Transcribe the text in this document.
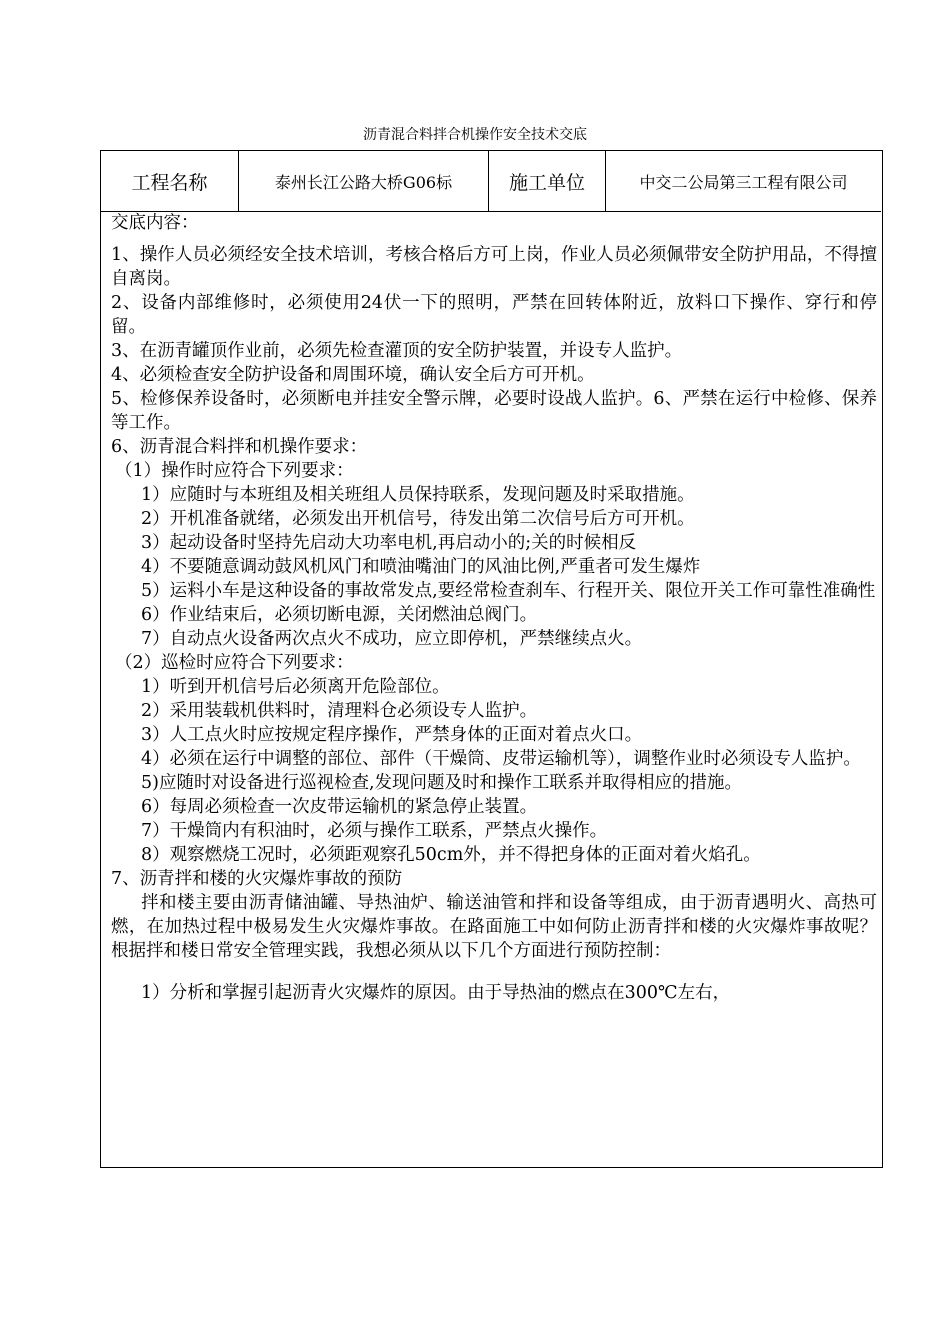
沥青混合料拌合机操作安全技术交底
工程名称	泰州长江公路大桥G06标	施工单位	中交二公局第三工程有限公司

交底内容：

1、操作人员必须经安全技术培训，考核合格后方可上岗，作业人员必须佩带安全防护用品，不得擅自离岗。

2、设备内部维修时，必须使用24伏一下的照明，严禁在回转体附近，放料口下操作、穿行和停留。

3、在沥青罐顶作业前，必须先检查灌顶的安全防护装置，并设专人监护。

4、必须检查安全防护设备和周围环境，确认安全后方可开机。

5、检修保养设备时，必须断电并挂安全警示牌，必要时设战人监护。6、严禁在运行中检修、保养等工作。

6、沥青混合料拌和机操作要求：

（1）操作时应符合下列要求：

1）应随时与本班组及相关班组人员保持联系，发现问题及时采取措施。

2）开机准备就绪，必须发出开机信号，待发出第二次信号后方可开机。

3）起动设备时坚持先启动大功率电机,再启动小的;关的时候相反

4）不要随意调动鼓风机风门和喷油嘴油门的风油比例,严重者可发生爆炸

5）运料小车是这种设备的事故常发点,要经常检查刹车、行程开关、限位开关工作可靠性准确性

6）作业结束后，必须切断电源，关闭燃油总阀门。

7）自动点火设备两次点火不成功，应立即停机，严禁继续点火。

（2）巡检时应符合下列要求：

1）听到开机信号后必须离开危险部位。

2）采用装载机供料时，清理料仓必须设专人监护。

3）人工点火时应按规定程序操作，严禁身体的正面对着点火口。

4）必须在运行中调整的部位、部件（干燥筒、皮带运输机等），调整作业时必须设专人监护。

5)应随时对设备进行巡视检查,发现问题及时和操作工联系并取得相应的措施。

6）每周必须检查一次皮带运输机的紧急停止装置。

7）干燥筒内有积油时，必须与操作工联系，严禁点火操作。

8）观察燃烧工况时，必须距观察孔50cm外，并不得把身体的正面对着火焰孔。

7、沥青拌和楼的火灾爆炸事故的预防

拌和楼主要由沥青储油罐、导热油炉、输送油管和拌和设备等组成，由于沥青遇明火、高热可燃，在加热过程中极易发生火灾爆炸事故。在路面施工中如何防止沥青拌和楼的火灾爆炸事故呢？根据拌和楼日常安全管理实践，我想必须从以下几个方面进行预防控制：

1）分析和掌握引起沥青火灾爆炸的原因。由于导热油的燃点在300℃左右，
